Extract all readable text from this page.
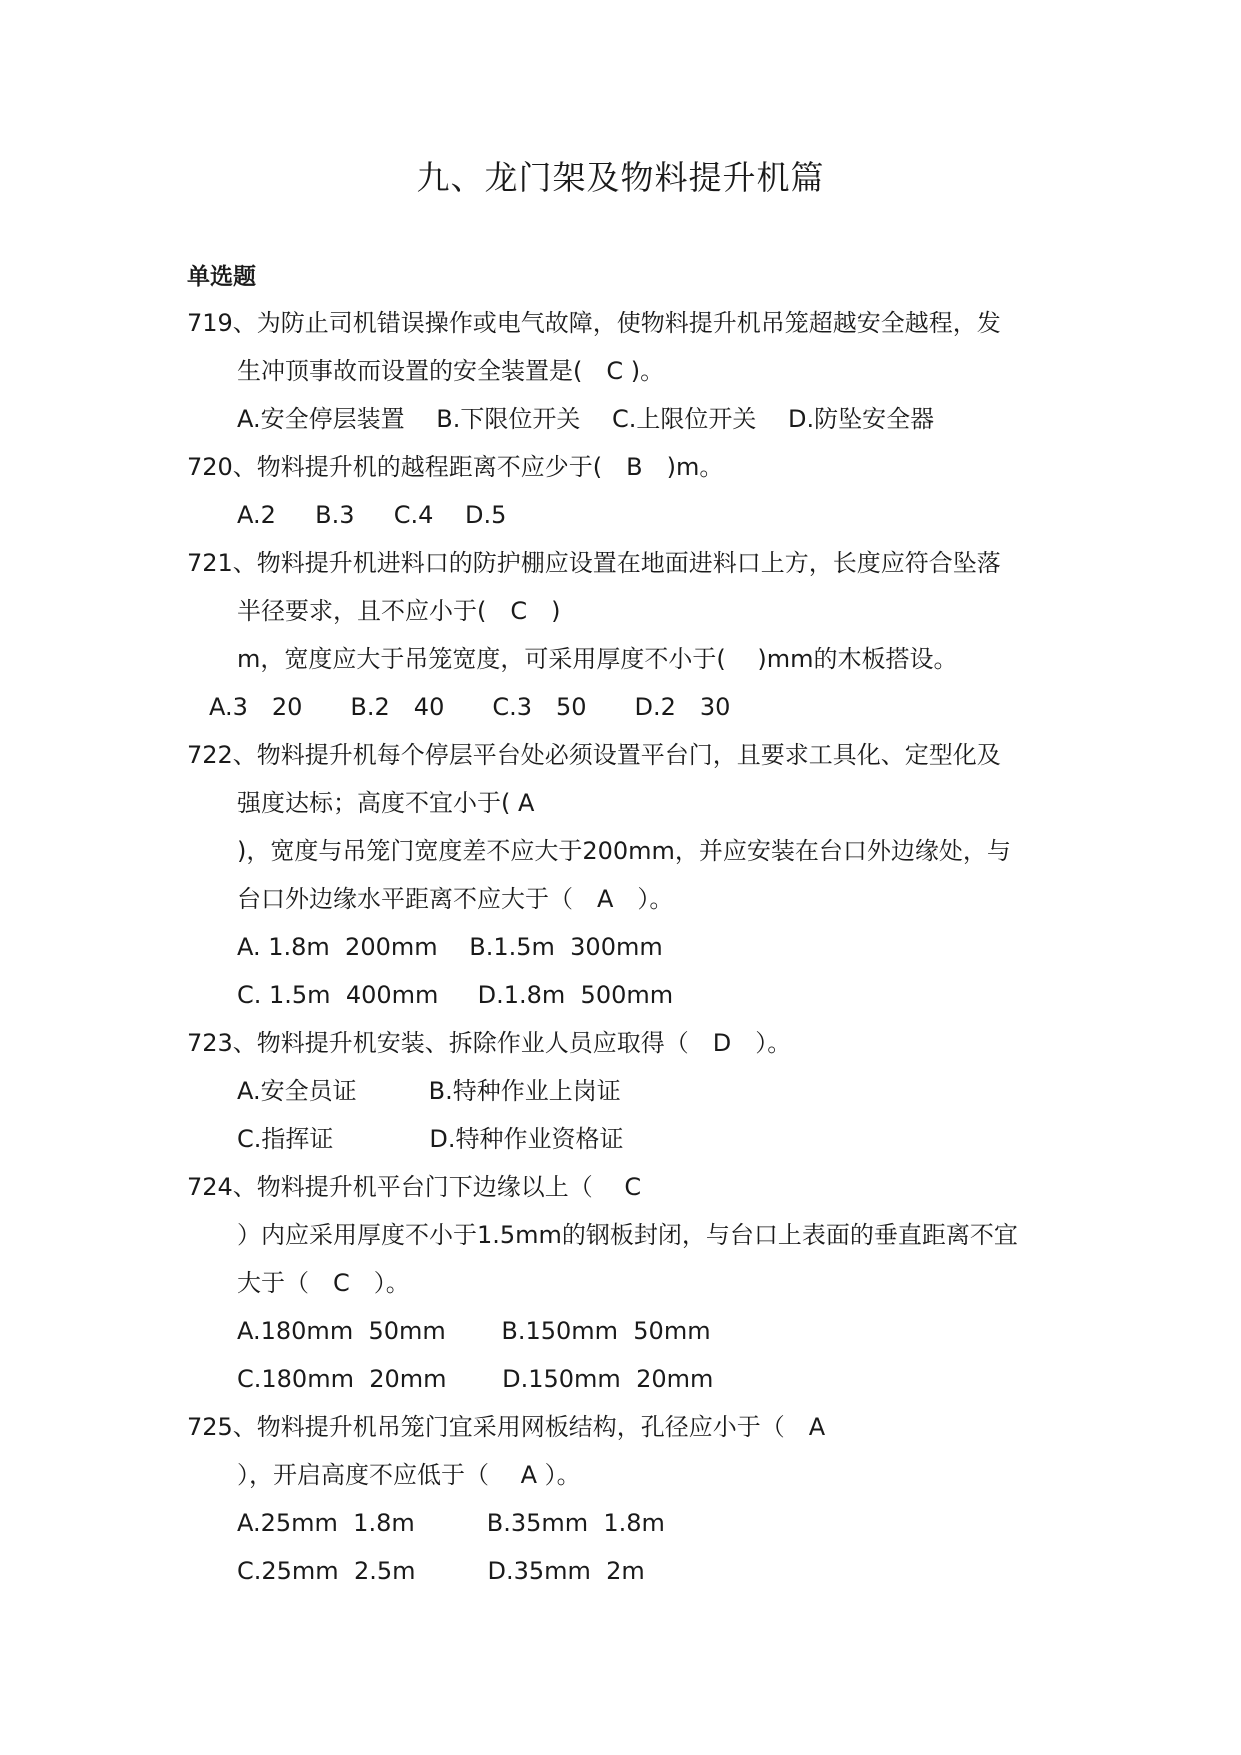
九、龙门架及物料提升机篇
单选题
719、为防止司机错误操作或电气故障，使物料提升机吊笼超越安全越程，发
生冲顶事故而设置的安全装置是(　C )。
A.安全停层装置　 B.下限位开关　 C.上限位开关　 D.防坠安全器
720、物料提升机的越程距离不应少于(　B　)m。
A.2　  B.3　  C.4　 D.5
721、物料提升机进料口的防护棚应设置在地面进料口上方，长度应符合坠落
半径要求，且不应小于(　C　)
m，宽度应大于吊笼宽度，可采用厚度不小于(　 )mm的木板搭设。
A.3　20　　B.2　40　　C.3　50　　D.2　30
722、物料提升机每个停层平台处必须设置平台门，且要求工具化、定型化及
强度达标；高度不宜小于( A
)，宽度与吊笼门宽度差不应大于200mm，并应安装在台口外边缘处，与
台口外边缘水平距离不应大于（　A　）。
A. 1.8m  200mm　 B.1.5m  300mm
C. 1.5m  400mm　  D.1.8m  500mm
723、物料提升机安装、拆除作业人员应取得（　D　）。
A.安全员证　　　B.特种作业上岗证
C.指挥证　　　　D.特种作业资格证
724、物料提升机平台门下边缘以上（　 C
）内应采用厚度不小于1.5mm的钢板封闭，与台口上表面的垂直距离不宜
大于（　C　）。
A.180mm  50mm　　 B.150mm  50mm
C.180mm  20mm　　 D.150mm  20mm
725、物料提升机吊笼门宜采用网板结构，孔径应小于（　A
），开启高度不应低于（　 A ）。
A.25mm  1.8m　　　B.35mm  1.8m
C.25mm  2.5m　　　D.35mm  2m
